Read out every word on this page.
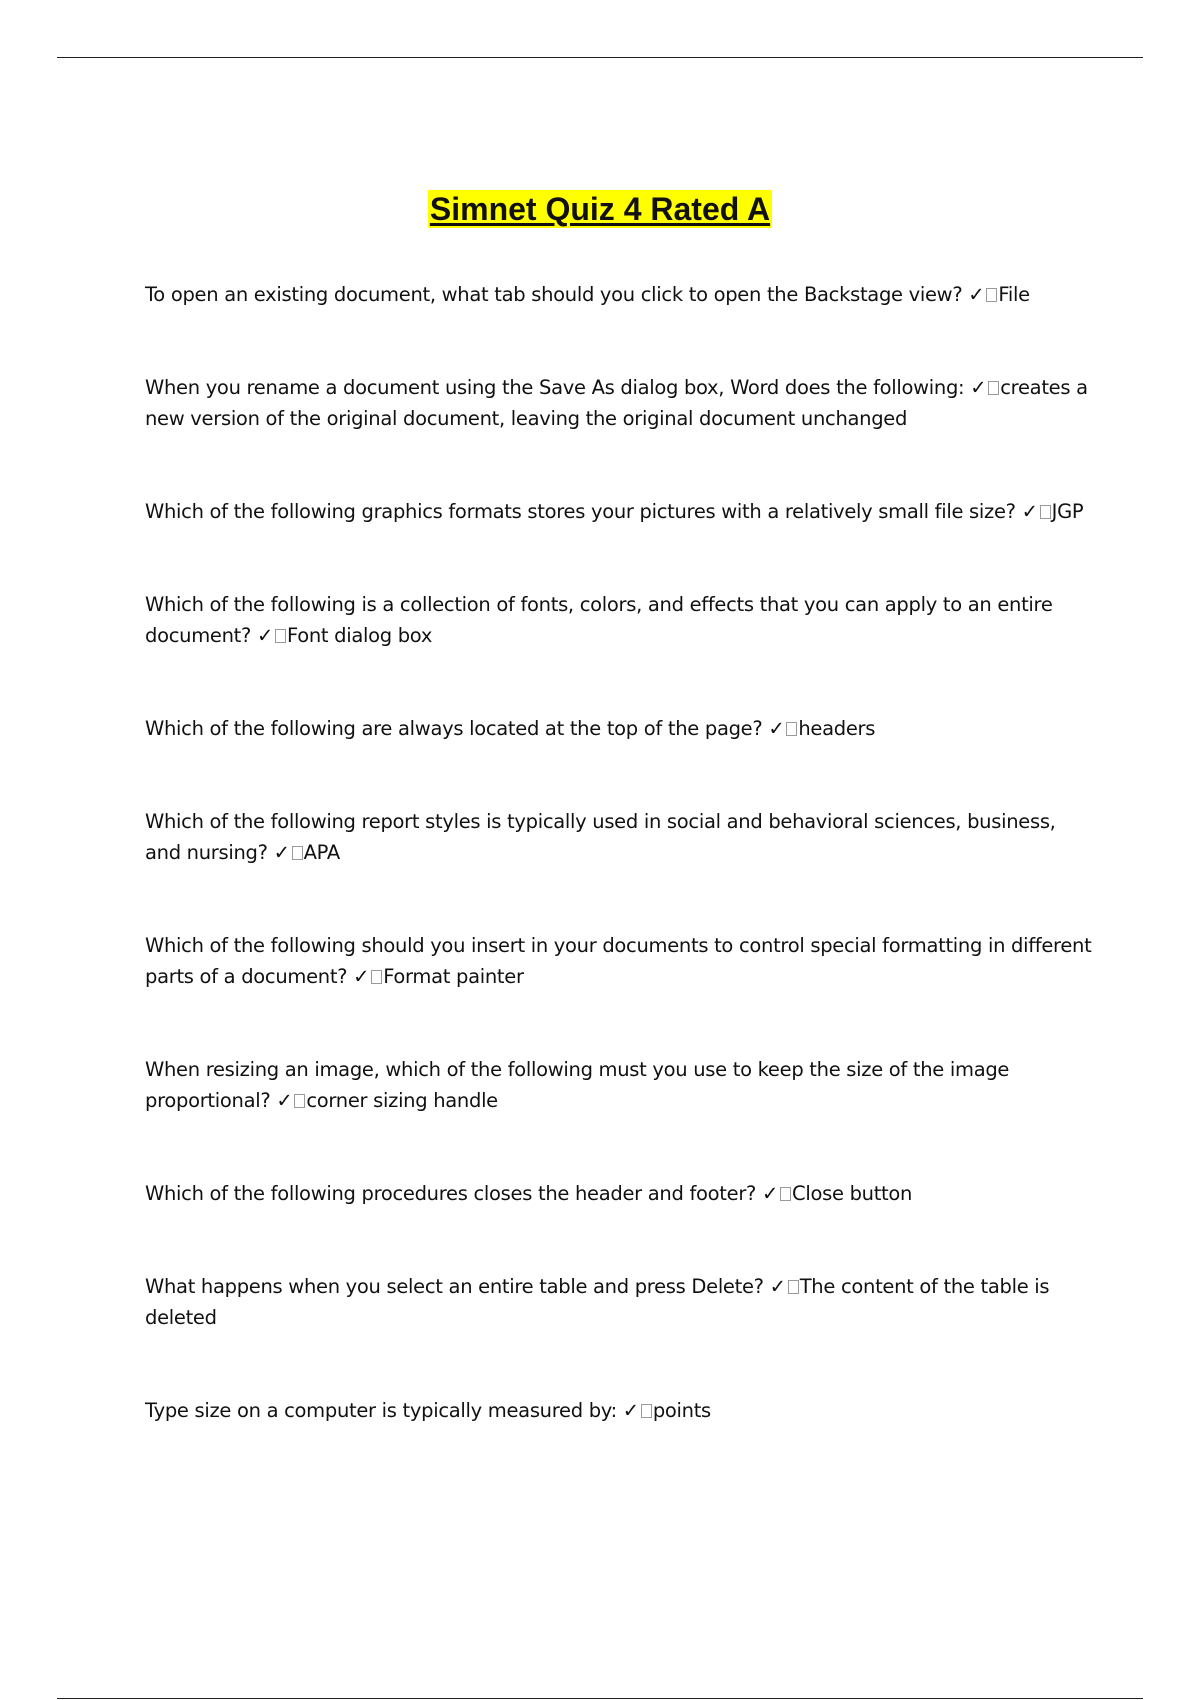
Simnet Quiz 4 Rated A

To open an existing document, what tab should you click to open the Backstage view? ✓ File

When you rename a document using the Save As dialog box, Word does the following: ✓ creates a new version of the original document, leaving the original document unchanged

Which of the following graphics formats stores your pictures with a relatively small file size? ✓ JGP

Which of the following is a collection of fonts, colors, and effects that you can apply to an entire document? ✓ Font dialog box

Which of the following are always located at the top of the page? ✓ headers

Which of the following report styles is typically used in social and behavioral sciences, business, and nursing? ✓ APA

Which of the following should you insert in your documents to control special formatting in different parts of a document? ✓ Format painter

When resizing an image, which of the following must you use to keep the size of the image proportional? ✓ corner sizing handle

Which of the following procedures closes the header and footer? ✓ Close button

What happens when you select an entire table and press Delete? ✓ The content of the table is deleted

Type size on a computer is typically measured by: ✓ points
